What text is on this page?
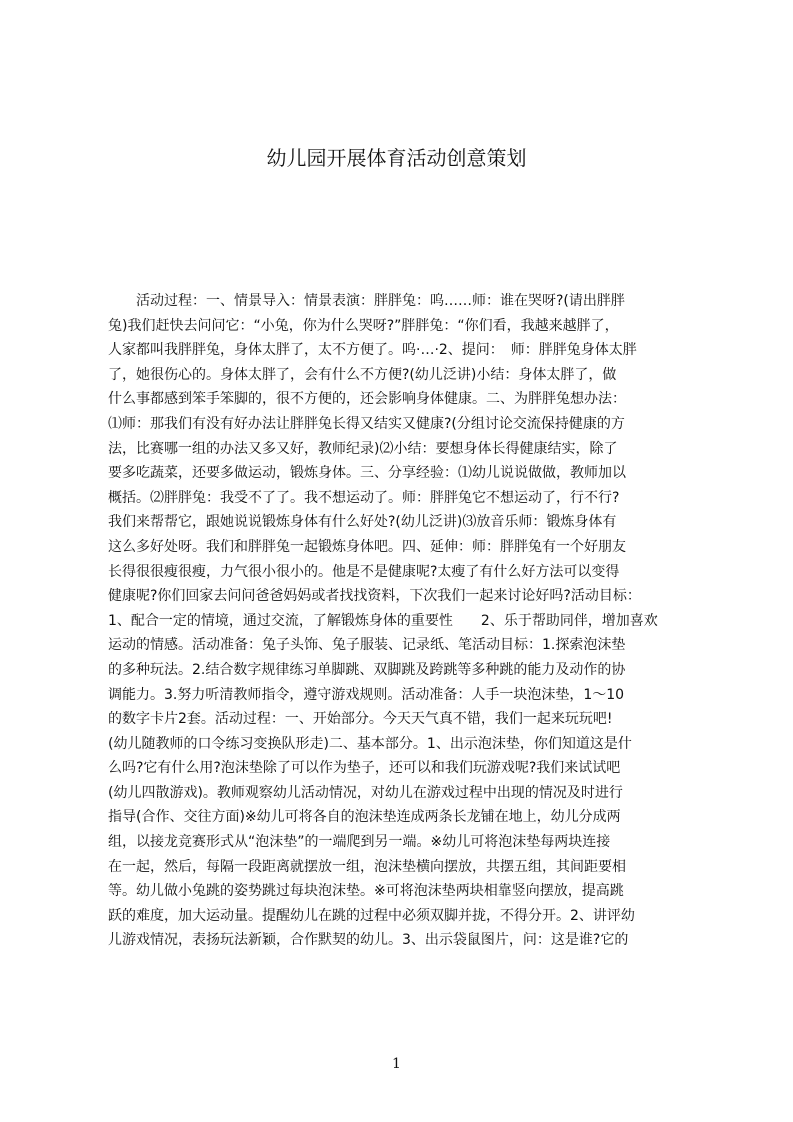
幼儿园开展体育活动创意策划
　　活动过程：一、情景导入：情景表演：胖胖兔：呜……师：谁在哭呀?(请出胖胖
兔)我们赶快去问问它：“小兔，你为什么哭呀?”胖胖兔：“你们看，我越来越胖了，
人家都叫我胖胖兔，身体太胖了，太不方便了。呜·…·2、提问：　师：胖胖兔身体太胖
了，她很伤心的。身体太胖了，会有什么不方便?(幼儿泛讲)小结：身体太胖了，做
什么事都感到笨手笨脚的，很不方便的，还会影响身体健康。二、为胖胖兔想办法：
⑴师：那我们有没有好办法让胖胖兔长得又结实又健康?(分组讨论交流保持健康的方
法，比赛哪一组的办法又多又好，教师纪录)⑵小结：要想身体长得健康结实，除了
要多吃蔬菜，还要多做运动，锻炼身体。三、分享经验：⑴幼儿说说做做，教师加以
概括。⑵胖胖兔：我受不了了。我不想运动了。师：胖胖兔它不想运动了，行不行?
我们来帮帮它，跟她说说锻炼身体有什么好处?(幼儿泛讲)⑶放音乐师：锻炼身体有
这么多好处呀。我们和胖胖兔一起锻炼身体吧。四、延伸：师：胖胖兔有一个好朋友
长得很很瘦很瘦，力气很小很小的。他是不是健康呢?太瘦了有什么好方法可以变得
健康呢?你们回家去问问爸爸妈妈或者找找资料，下次我们一起来讨论好吗?活动目标：
1、配合一定的情境，通过交流，了解锻炼身体的重要性　　2、乐于帮助同伴，增加喜欢
运动的情感。活动准备：兔子头饰、兔子服装、记录纸、笔活动目标：1.探索泡沫垫
的多种玩法。2.结合数字规律练习单脚跳、双脚跳及跨跳等多种跳的能力及动作的协
调能力。3.努力听清教师指令，遵守游戏规则。活动准备：人手一块泡沫垫，1～10
的数字卡片2套。活动过程：一、开始部分。今天天气真不错，我们一起来玩玩吧!
(幼儿随教师的口令练习变换队形走)二、基本部分。1、出示泡沫垫，你们知道这是什
么吗?它有什么用?泡沫垫除了可以作为垫子，还可以和我们玩游戏呢?我们来试试吧
(幼儿四散游戏)。教师观察幼儿活动情况，对幼儿在游戏过程中出现的情况及时进行
指导(合作、交往方面)※幼儿可将各自的泡沫垫连成两条长龙铺在地上，幼儿分成两
组，以接龙竞赛形式从“泡沫垫”的一端爬到另一端。※幼儿可将泡沫垫每两块连接
在一起，然后，每隔一段距离就摆放一组，泡沫垫横向摆放，共摆五组，其间距要相
等。幼儿做小兔跳的姿势跳过每块泡沫垫。※可将泡沫垫两块相靠竖向摆放，提高跳
跃的难度，加大运动量。提醒幼儿在跳的过程中必须双脚并拢，不得分开。2、讲评幼
儿游戏情况，表扬玩法新颖，合作默契的幼儿。3、出示袋鼠图片，问：这是谁?它的
1
